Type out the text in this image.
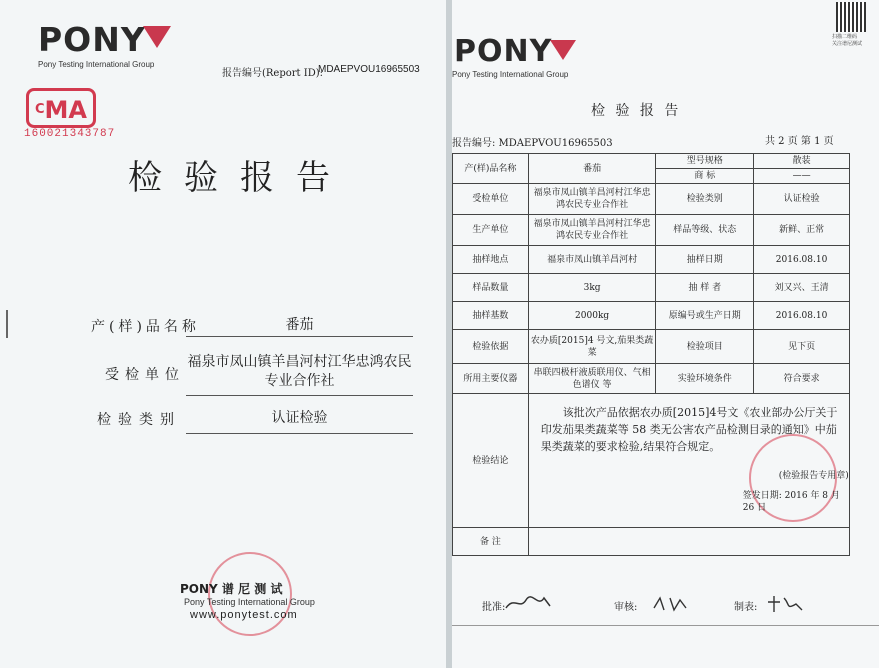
PONY
Pony Testing International Group
报告编号(Report ID):
MDAEPVOU16965503
$^C$MA
160021343787
检验报告
产(样)品名称	番茄
受检单位
福泉市凤山镇羊昌河村江华忠鸿农民专业合作社
检验类别	认证检验
PONY 谱 尼 测 试
Pony Testing International Group
www.ponytest.com
PONY
Pony Testing International Group
扫描二维码
关注谱尼测试
检 验 报 告
报告编号: MDAEPVOU16965503	共 2 页 第 1 页
产(样)品名称	番茄	型号规格	散装
		商 标	——
受检单位	福泉市凤山镇羊昌河村江华忠鸿农民专业合作社	检验类别	认证检验
生产单位	福泉市凤山镇羊昌河村江华忠鸿农民专业合作社	样品等级、状态	新鲜、正常
抽样地点	福泉市凤山镇羊昌河村	抽样日期	2016.08.10
样品数量	3kg	抽 样 者	刘又兴、王清
抽样基数	2000kg	原编号或生产日期	2016.08.10
检验依据	农办质[2015]4 号文,茄果类蔬菜	检验项目	见下页
所用主要仪器	串联四极杆液质联用仪、气相色谱仪 等	实验环境条件	符合要求
检验结论	该批次产品依据农办质[2015]4号文《农业部办公厅关于印发茄果类蔬菜等 58 类无公害农产品检测目录的通知》中茄果类蔬菜的要求检验,结果符合规定。
(检验报告专用章)
签发日期: 2016 年 8 月 26 日		

备 注			
批准:	审核:	制表:
